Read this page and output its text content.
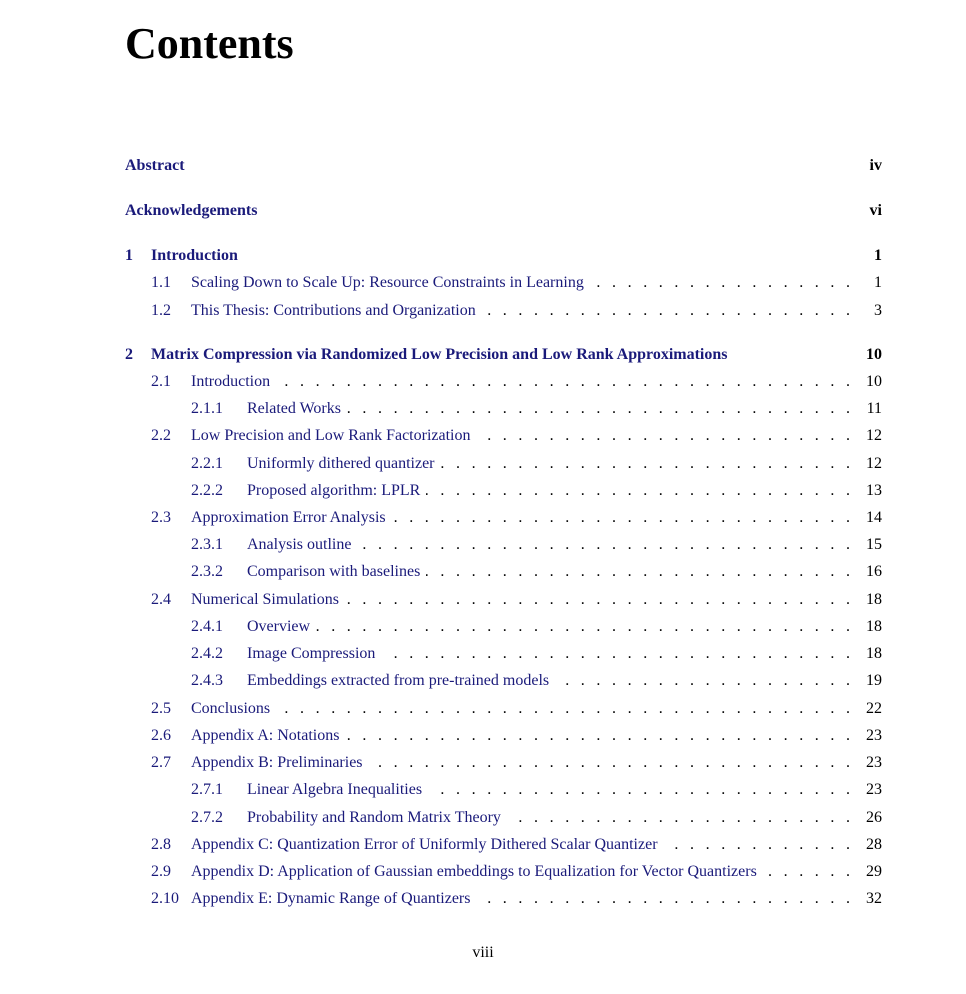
Contents
Abstract	iv
Acknowledgements	vi
1 Introduction	1
1.1 Scaling Down to Scale Up: Resource Constraints in Learning	1
. . .
1.2 This Thesis: Contributions and Organization	3
. . .
2 Matrix Compression via Randomized Low Precision and Low Rank Approximations	10
2.1 Introduction	10
. . .
2.1.1 Related Works	11
. . .
2.2 Low Precision and Low Rank Factorization	12
. . .
2.2.1 Uniformly dithered quantizer	12
. . .
2.2.2 Proposed algorithm: LPLR	13
. . .
2.3 Approximation Error Analysis	14
. . .
2.3.1 Analysis outline	15
. . .
2.3.2 Comparison with baselines	16
. . .
2.4 Numerical Simulations	18
. . .
2.4.1 Overview	18
. . .
2.4.2 Image Compression	18
. . .
2.4.3 Embeddings extracted from pre-trained models	19
. . .
2.5 Conclusions	22
. . .
2.6 Appendix A: Notations	23
. . .
2.7 Appendix B: Preliminaries	23
. . .
2.7.1 Linear Algebra Inequalities	23
. . .
2.7.2 Probability and Random Matrix Theory	26
. . .
2.8 Appendix C: Quantization Error of Uniformly Dithered Scalar Quantizer	28
. . .
2.9 Appendix D: Application of Gaussian embeddings to Equalization for Vector Quantizers	29
. . .
2.10 Appendix E: Dynamic Range of Quantizers	32
. . .
viii
